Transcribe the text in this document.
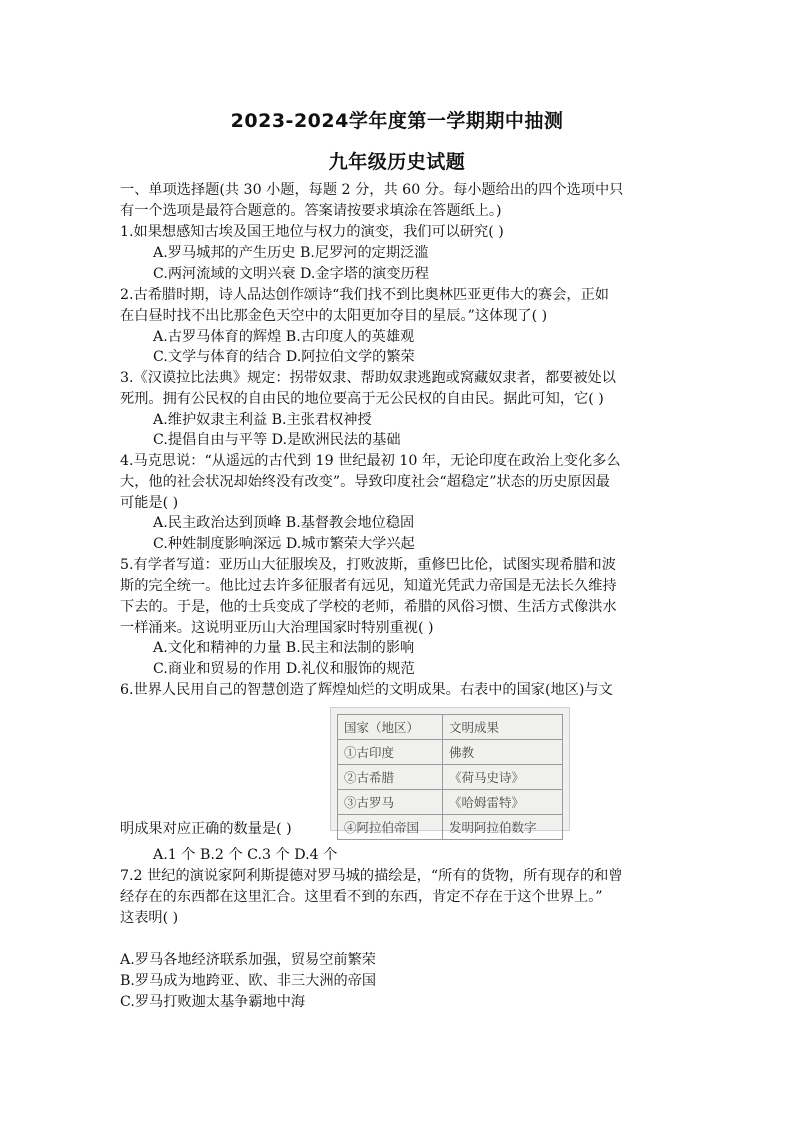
2023-2024学年度第一学期期中抽测
九年级历史试题
一、单项选择题(共 30 小题，每题 2 分，共 60 分。每小题给出的四个选项中只
有一个选项是最符合题意的。答案请按要求填涂在答题纸上。)
1.如果想感知古埃及国王地位与权力的演变，我们可以研究( )
A.罗马城邦的产生历史 B.尼罗河的定期泛滥
C.两河流域的文明兴衰 D.金字塔的演变历程
2.古希腊时期，诗人品达创作颂诗“我们找不到比奥林匹亚更伟大的赛会，正如
在白昼时找不出比那金色天空中的太阳更加夺目的星辰。”这体现了( )
A.古罗马体育的辉煌 B.古印度人的英雄观
C.文学与体育的结合 D.阿拉伯文学的繁荣
3.《汉谟拉比法典》规定：拐带奴隶、帮助奴隶逃跑或窝藏奴隶者，都要被处以
死刑。拥有公民权的自由民的地位要高于无公民权的自由民。据此可知，它( )
A.维护奴隶主利益 B.主张君权神授
C.提倡自由与平等 D.是欧洲民法的基础
4.马克思说：“从遥远的古代到 19 世纪最初 10 年，无论印度在政治上变化多么
大，他的社会状况却始终没有改变”。导致印度社会“超稳定”状态的历史原因最
可能是( )
A.民主政治达到顶峰 B.基督教会地位稳固
C.种姓制度影响深远 D.城市繁荣大学兴起
5.有学者写道：亚历山大征服埃及，打败波斯，重修巴比伦，试图实现希腊和波
斯的完全统一。他比过去许多征服者有远见，知道光凭武力帝国是无法长久维持
下去的。于是，他的士兵变成了学校的老师，希腊的风俗习惯、生活方式像洪水
一样涌来。这说明亚历山大治理国家时特别重视( )
A.文化和精神的力量 B.民主和法制的影响
C.商业和贸易的作用 D.礼仪和服饰的规范
6.世界人民用自己的智慧创造了辉煌灿烂的文明成果。右表中的国家(地区)与文
国家（地区）	文明成果
①古印度	佛教
②古希腊	《荷马史诗》
③古罗马	《哈姆雷特》
④阿拉伯帝国	发明阿拉伯数字
明成果对应正确的数量是( )
A.1 个 B.2 个 C.3 个 D.4 个
7.2 世纪的演说家阿利斯提德对罗马城的描绘是，“所有的货物，所有现存的和曾
经存在的东西都在这里汇合。这里看不到的东西，肯定不存在于这个世界上。”
这表明( )
A.罗马各地经济联系加强，贸易空前繁荣
B.罗马成为地跨亚、欧、非三大洲的帝国
C.罗马打败迦太基争霸地中海
